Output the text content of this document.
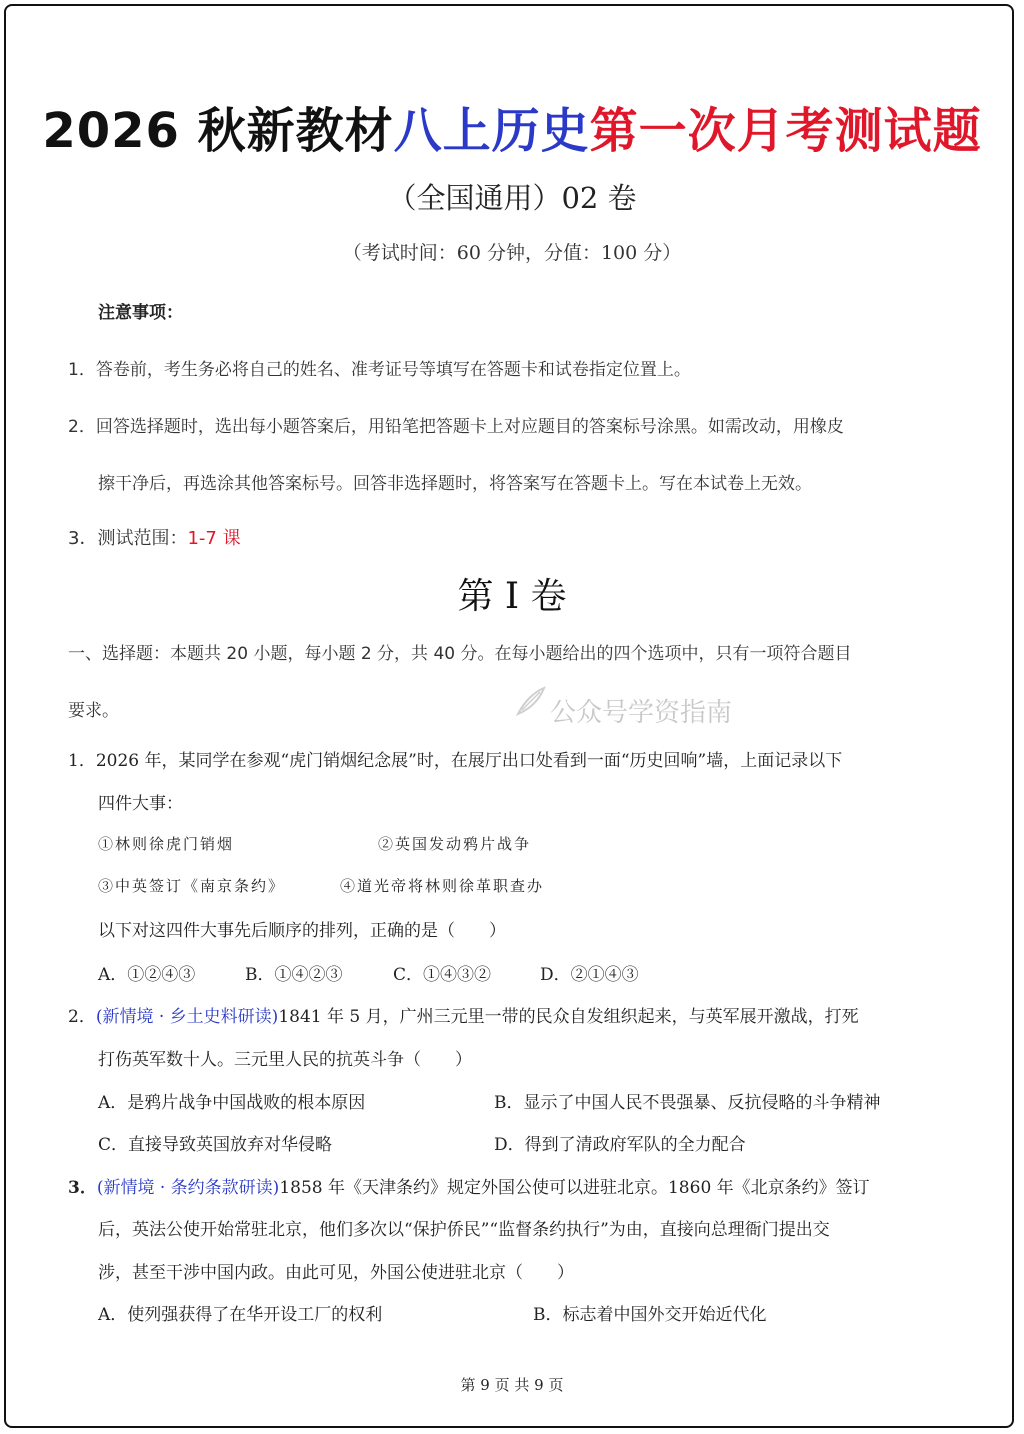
2026 秋新教材八上历史第一次月考测试题
（全国通用）02 卷
（考试时间：60 分钟，分值：100 分）
注意事项：
1．答卷前，考生务必将自己的姓名、准考证号等填写在答题卡和试卷指定位置上。
2．回答选择题时，选出每小题答案后，用铅笔把答题卡上对应题目的答案标号涂黑。如需改动，用橡皮
擦干净后，再选涂其他答案标号。回答非选择题时，将答案写在答题卡上。写在本试卷上无效。
3．测试范围：1-7 课
第 I 卷
一、选择题：本题共 20 小题，每小题 2 分，共 40 分。在每小题给出的四个选项中，只有一项符合题目
要求。	公众号学资指南
1．2026 年，某同学在参观“虎门销烟纪念展”时，在展厅出口处看到一面“历史回响”墙，上面记录以下
四件大事：
①林则徐虎门销烟	②英国发动鸦片战争
③中英签订《南京条约》	④道光帝将林则徐革职查办
以下对这四件大事先后顺序的排列，正确的是（　　）
A．①②④③	B．①④②③	C．①④③②	D．②①④③
2．(新情境 · 乡土史料研读)1841 年 5 月，广州三元里一带的民众自发组织起来，与英军展开激战，打死
打伤英军数十人。三元里人民的抗英斗争（　　）
A．是鸦片战争中国战败的根本原因	B．显示了中国人民不畏强暴、反抗侵略的斗争精神
C．直接导致英国放弃对华侵略	D．得到了清政府军队的全力配合
3．(新情境 · 条约条款研读)1858 年《天津条约》规定外国公使可以进驻北京。1860 年《北京条约》签订
后，英法公使开始常驻北京，他们多次以“保护侨民”“监督条约执行”为由，直接向总理衙门提出交
涉，甚至干涉中国内政。由此可见，外国公使进驻北京（　　）
A．使列强获得了在华开设工厂的权利	B．标志着中国外交开始近代化
第 9 页 共 9 页
